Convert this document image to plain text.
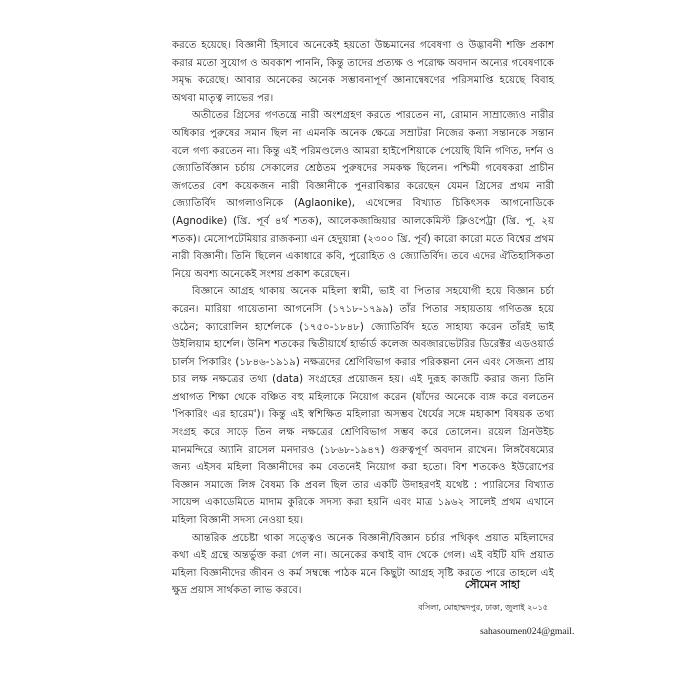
করতে হয়েছে। বিজ্ঞানী হিসাবে অনেকেই হয়তো উচ্চমানের গবেষণা ও উদ্ভাবনী শক্তি প্রকাশ করার মতো সুযোগ ও অবকাশ পাননি, কিন্তু তাদের প্রত্যক্ষ ও পরোক্ষ অবদান অন্যের গবেষণাকে সমৃদ্ধ করেছে। আবার অনেকের অনেক সম্ভাবনাপূর্ণ জ্ঞানান্বেষণের পরিসমাপ্তি হয়েছে বিবাহ অথবা মাতৃত্ব লাভের পর।

অতীতের গ্রিসের গণতন্ত্রে নারী অংশগ্রহণ করতে পারতেন না, রোমান সাম্রাজ্যেও নারীর অধিকার পুরুষের সমান ছিল না এমনকি অনেক ক্ষেত্রে সম্রাটরা নিজের কন্যা সন্তানকে সন্তান বলে গণ্য করতেন না। কিন্তু এই পরিমণ্ডলেও আমরা হাইপেশিয়াকে পেয়েছি যিনি গণিত, দর্শন ও জ্যোতির্বিজ্ঞান চর্চায় সেকালের শ্রেষ্ঠতম পুরুষদের সমকক্ষ ছিলেন। পশ্চিমী গবেষকরা প্রাচীন জগতের বেশ কয়েকজন নারী বিজ্ঞানীকে পুনরাবিষ্কার করেছেন যেমন গ্রিসের প্রথম নারী জ্যোতির্বিদ আগলাওনিকে (Aglaonike), এথেন্সের বিখ্যাত চিকিৎসক আগনোডিকে (Agnodike) (খ্রি. পূর্ব ৪র্থ শতক), আলেকজান্দ্রিয়ার আলকেমিস্ট ক্লিওপেট্রা (খ্রি. পূ. ২য় শতক)। মেসোপটেমিয়ার রাজকন্যা এন হেদুয়ান্না (২৩০০ খ্রি. পূর্ব) কারো কারো মতে বিশ্বের প্রথম নারী বিজ্ঞানী। তিনি ছিলেন একাধারে কবি, পুরোহিত ও জ্যোতির্বিদ। তবে এদের ঐতিহাসিকতা নিয়ে অবশ্য অনেকেই সংশয় প্রকাশ করেছেন।

বিজ্ঞানে আগ্রহ থাকায় অনেক মহিলা স্বামী, ভাই বা পিতার সহযোগী হয়ে বিজ্ঞান চর্চা করেন। মারিয়া গায়েতানা আগনেসি (১৭১৮-১৭৯৯) তাঁর পিতার সহায়তায় গণিতজ্ঞ হয়ে ওঠেন; ক্যারোলিন হার্শেলকে (১৭৫০-১৮৪৮) জ্যোতির্বিদ হতে সাহায্য করেন তাঁরই ভাই উইলিয়াম হার্শেল। উনিশ শতকের দ্বিতীয়ার্ধে হার্ভার্ড কলেজ অবজারভেটরির ডিরেক্টর এডওয়ার্ড চার্লস পিকারিং (১৮৪৬-১৯১৯) নক্ষত্রদের শ্রেণিবিভাগ করার পরিকল্পনা নেন এবং সেজন্য প্রায় চার লক্ষ নক্ষত্রের তথ্য (data) সংগ্রহের প্রয়োজন হয়। এই দুরূহ কাজটি করার জন্য তিনি প্রথাগত শিক্ষা থেকে বঞ্চিত বহু মহিলাকে নিয়োগ করেন (যাঁদের অনেকে ব্যঙ্গ করে বলতেন 'পিকারিং এর হারেম')। কিন্তু এই স্বশিক্ষিত মহিলারা অসম্ভব ধৈর্যের সঙ্গে মহাকাশ বিষয়ক তথ্য সংগ্রহ করে সাড়ে তিন লক্ষ নক্ষত্রের শ্রেণিবিভাগ সম্ভব করে তোলেন। রয়েল গ্রিনউইচ মানমন্দিরে অ্যানি রাসেল মনদারও (১৮৬৮-১৯৪৭) গুরুত্বপূর্ণ অবদান রাখেন। লিঙ্গবৈষম্যের জন্য এইসব মহিলা বিজ্ঞানীদের কম বেতনেই নিয়োগ করা হতো। বিশ শতকেও ইউরোপের বিজ্ঞান সমাজে লিঙ্গ বৈষম্য কি প্রবল ছিল তার একটি উদাহরণই যথেষ্ট : প্যারিসের বিখ্যাত সায়েন্স একাডেমিতে মাদাম কুরিকে সদস্য করা হয়নি এবং মাত্র ১৯৬২ সালেই প্রথম এখানে মহিলা বিজ্ঞানী সদস্য নেওয়া হয়।

আন্তরিক প্রচেষ্টা থাকা সত্ত্বেও অনেক বিজ্ঞানী/বিজ্ঞান চর্চার পথিকৃৎ প্রয়াত মহিলাদের কথা এই গ্রন্থে অন্তর্ভুক্ত করা গেল না। অনেকের কথাই বাদ থেকে গেল। এই বইটি যদি প্রয়াত মহিলা বিজ্ঞানীদের জীবন ও কর্ম সম্বন্ধে পাঠক মনে কিছুটা আগ্রহ সৃষ্টি করতে পারে তাহলে এই ক্ষুদ্র প্রয়াস সার্থকতা লাভ করবে।	সৌমেন সাহা
বসিলা, মোহাম্মদপুর, ঢাকা, জুলাই ২০১৫
sahasoumen024@gmail.
